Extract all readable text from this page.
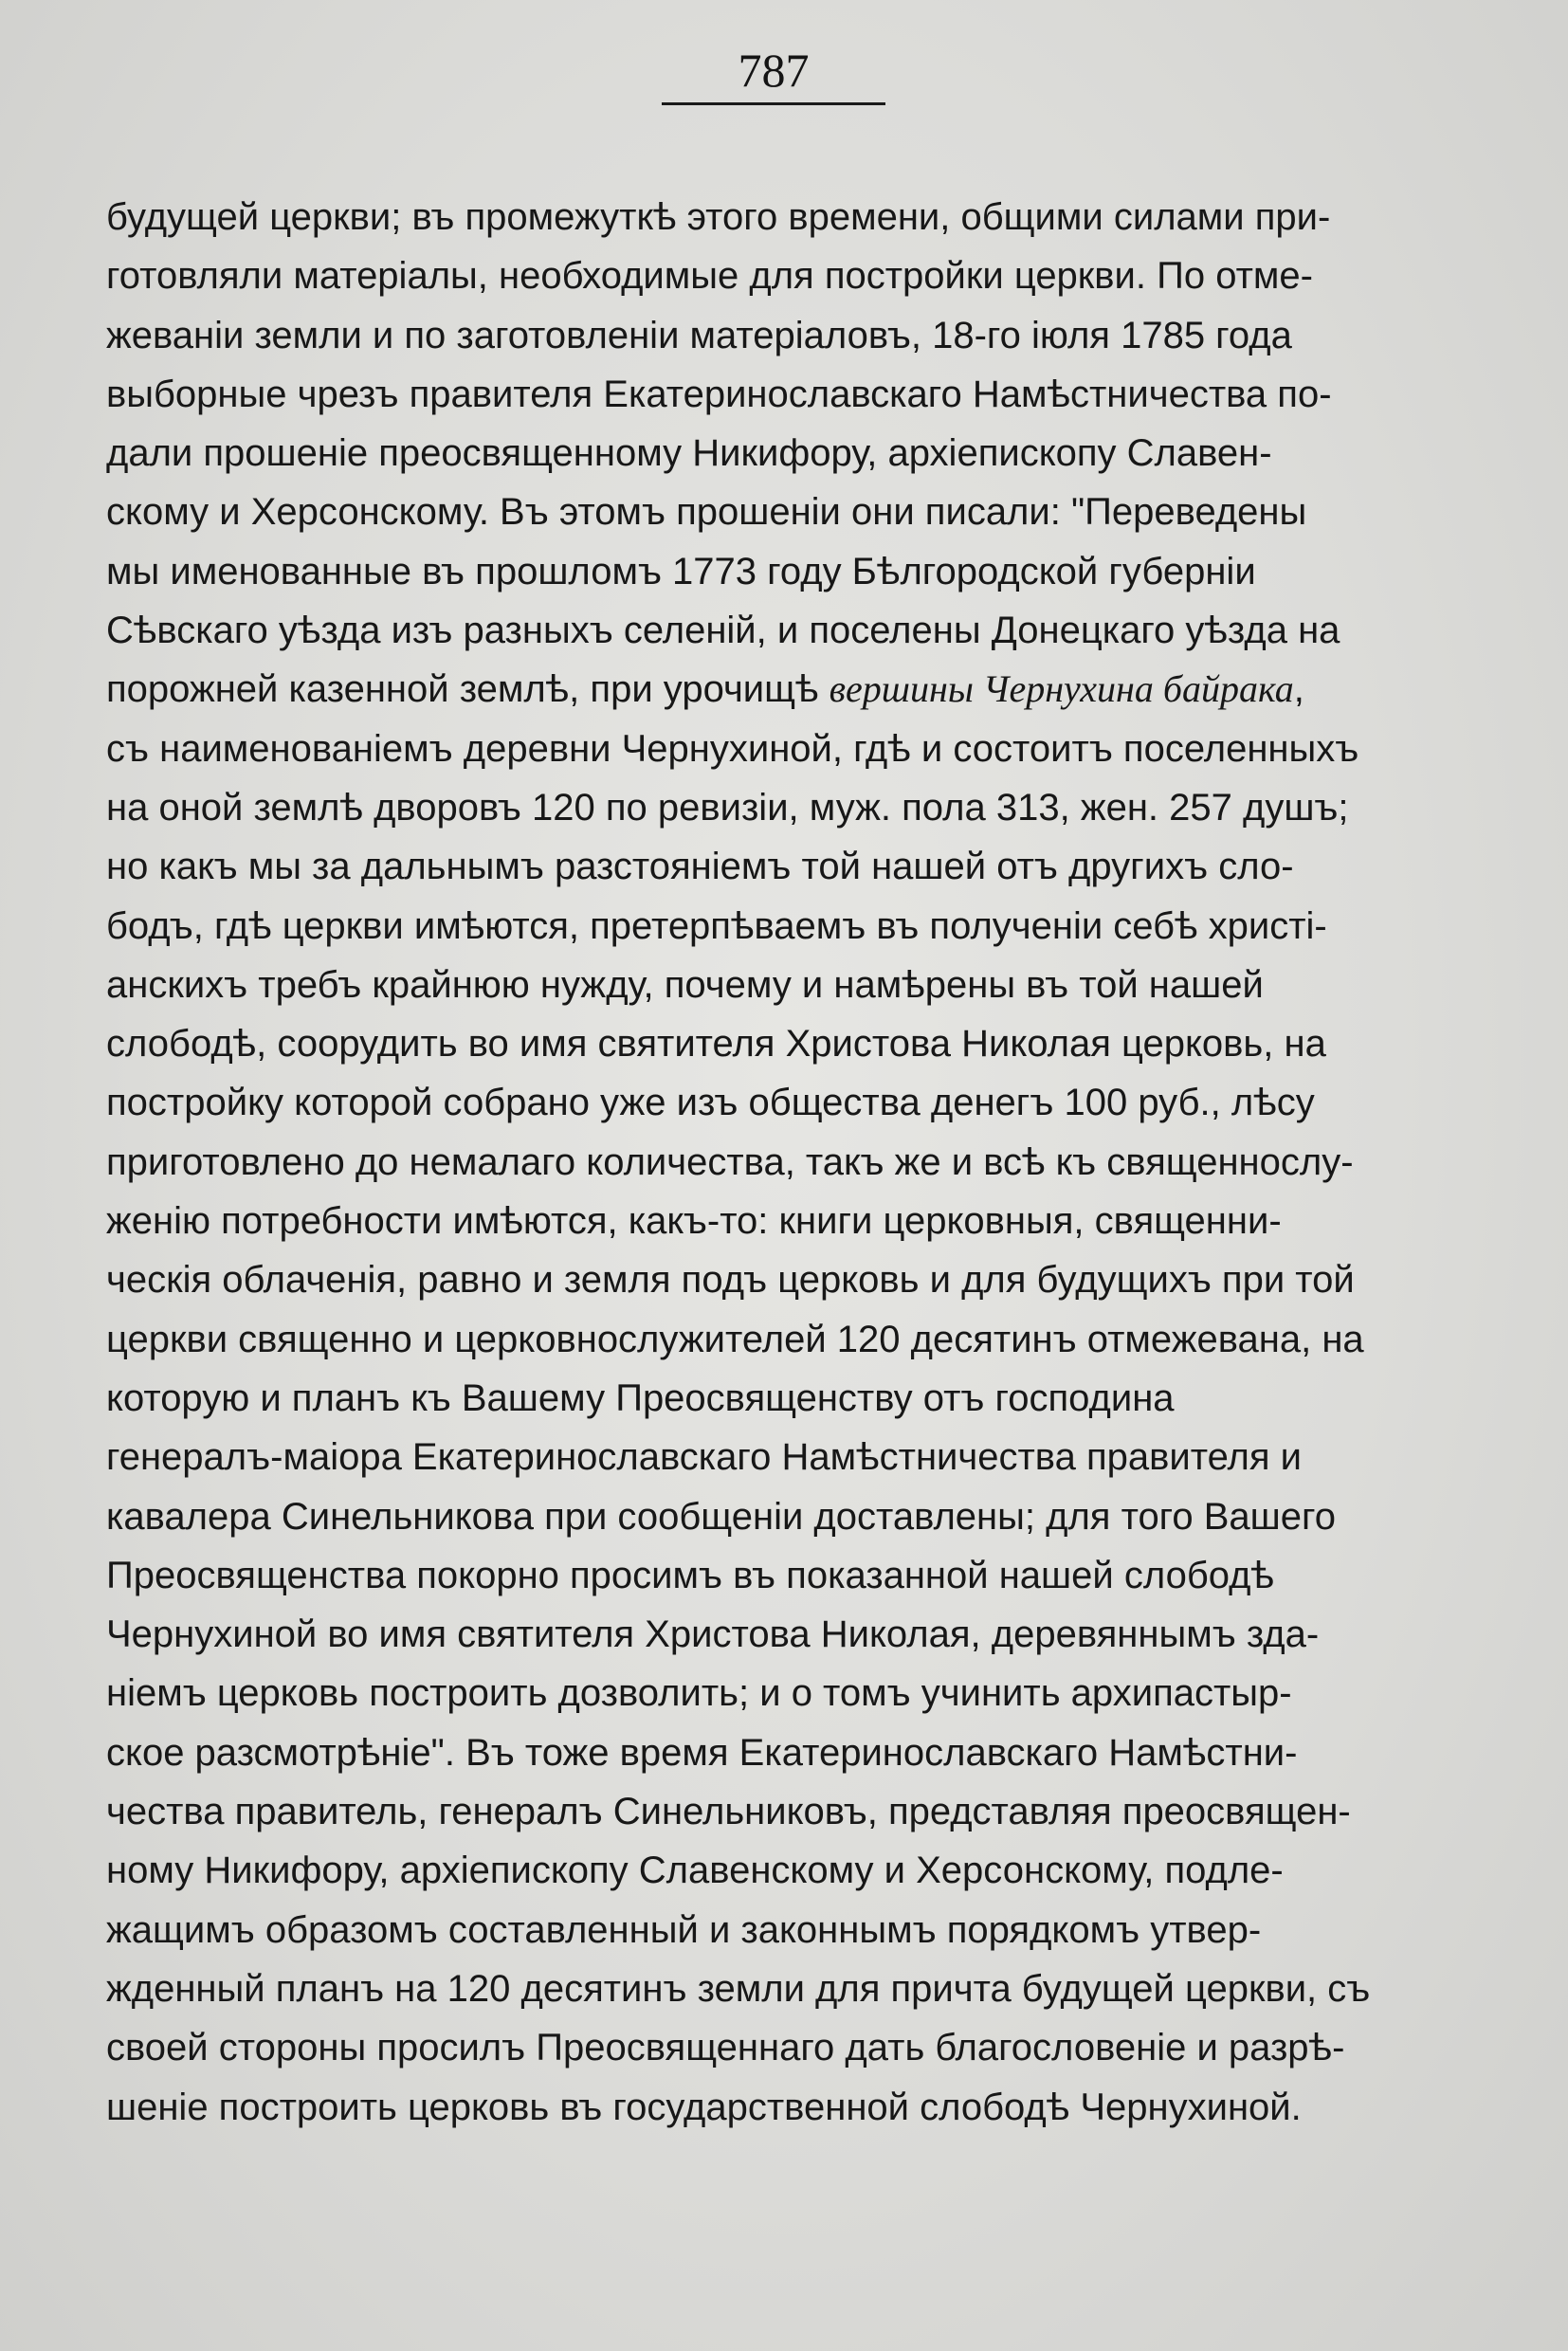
787
будущей церкви; въ промежуткѣ этого времени, общими силами при-
готовляли матеріалы, необходимые для постройки церкви. По отме-
жеваніи земли и по заготовленіи матеріаловъ, 18-го іюля 1785 года
выборные чрезъ правителя Екатеринославскаго Намѣстничества по-
дали прошеніе преосвященному Никифору, архіепископу Славен-
скому и Херсонскому. Въ этомъ прошеніи они писали: "Переведены
мы именованные въ прошломъ 1773 году Бѣлгородской губерніи
Сѣвскаго уѣзда изъ разныхъ селеній, и поселены Донецкаго уѣзда на
порожней казенной землѣ, при урочищѣ вершины Чернухина байрака,
съ наименованіемъ деревни Чернухиной, гдѣ и состоитъ поселенныхъ
на оной землѣ дворовъ 120 по ревизіи, муж. пола 313, жен. 257 душъ;
но какъ мы за дальнымъ разстояніемъ той нашей отъ другихъ сло-
бодъ, гдѣ церкви имѣются, претерпѣваемъ въ полученіи себѣ христі-
анскихъ требъ крайнюю нужду, почему и намѣрены въ той нашей
слободѣ, соорудить во имя святителя Христова Николая церковь, на
постройку которой собрано уже изъ общества денегъ 100 руб., лѣсу
приготовлено до немалаго количества, такъ же и всѣ къ священнослу-
женію потребности имѣются, какъ-то: книги церковныя, священни-
ческія облаченія, равно и земля подъ церковь и для будущихъ при той
церкви священно и церковнослужителей 120 десятинъ отмежевана, на
которую и планъ къ Вашему Преосвященству отъ господина
генералъ-маіора Екатеринославскаго Намѣстничества правителя и
кавалера Синельникова при сообщеніи доставлены; для того Вашего
Преосвященства покорно просимъ въ показанной нашей слободѣ
Чернухиной во имя святителя Христова Николая, деревяннымъ зда-
ніемъ церковь построить дозволить; и о томъ учинить архипастыр-
ское разсмотрѣніе". Въ тоже время Екатеринославскаго Намѣстни-
чества правитель, генералъ Синельниковъ, представляя преосвящен-
ному Никифору, архіепископу Славенскому и Херсонскому, подле-
жащимъ образомъ составленный и законнымъ порядкомъ утвер-
жденный планъ на 120 десятинъ земли для причта будущей церкви, съ
своей стороны просилъ Преосвященнаго дать благословеніе и разрѣ-
шеніе построить церковь въ государственной слободѣ Чернухиной.
